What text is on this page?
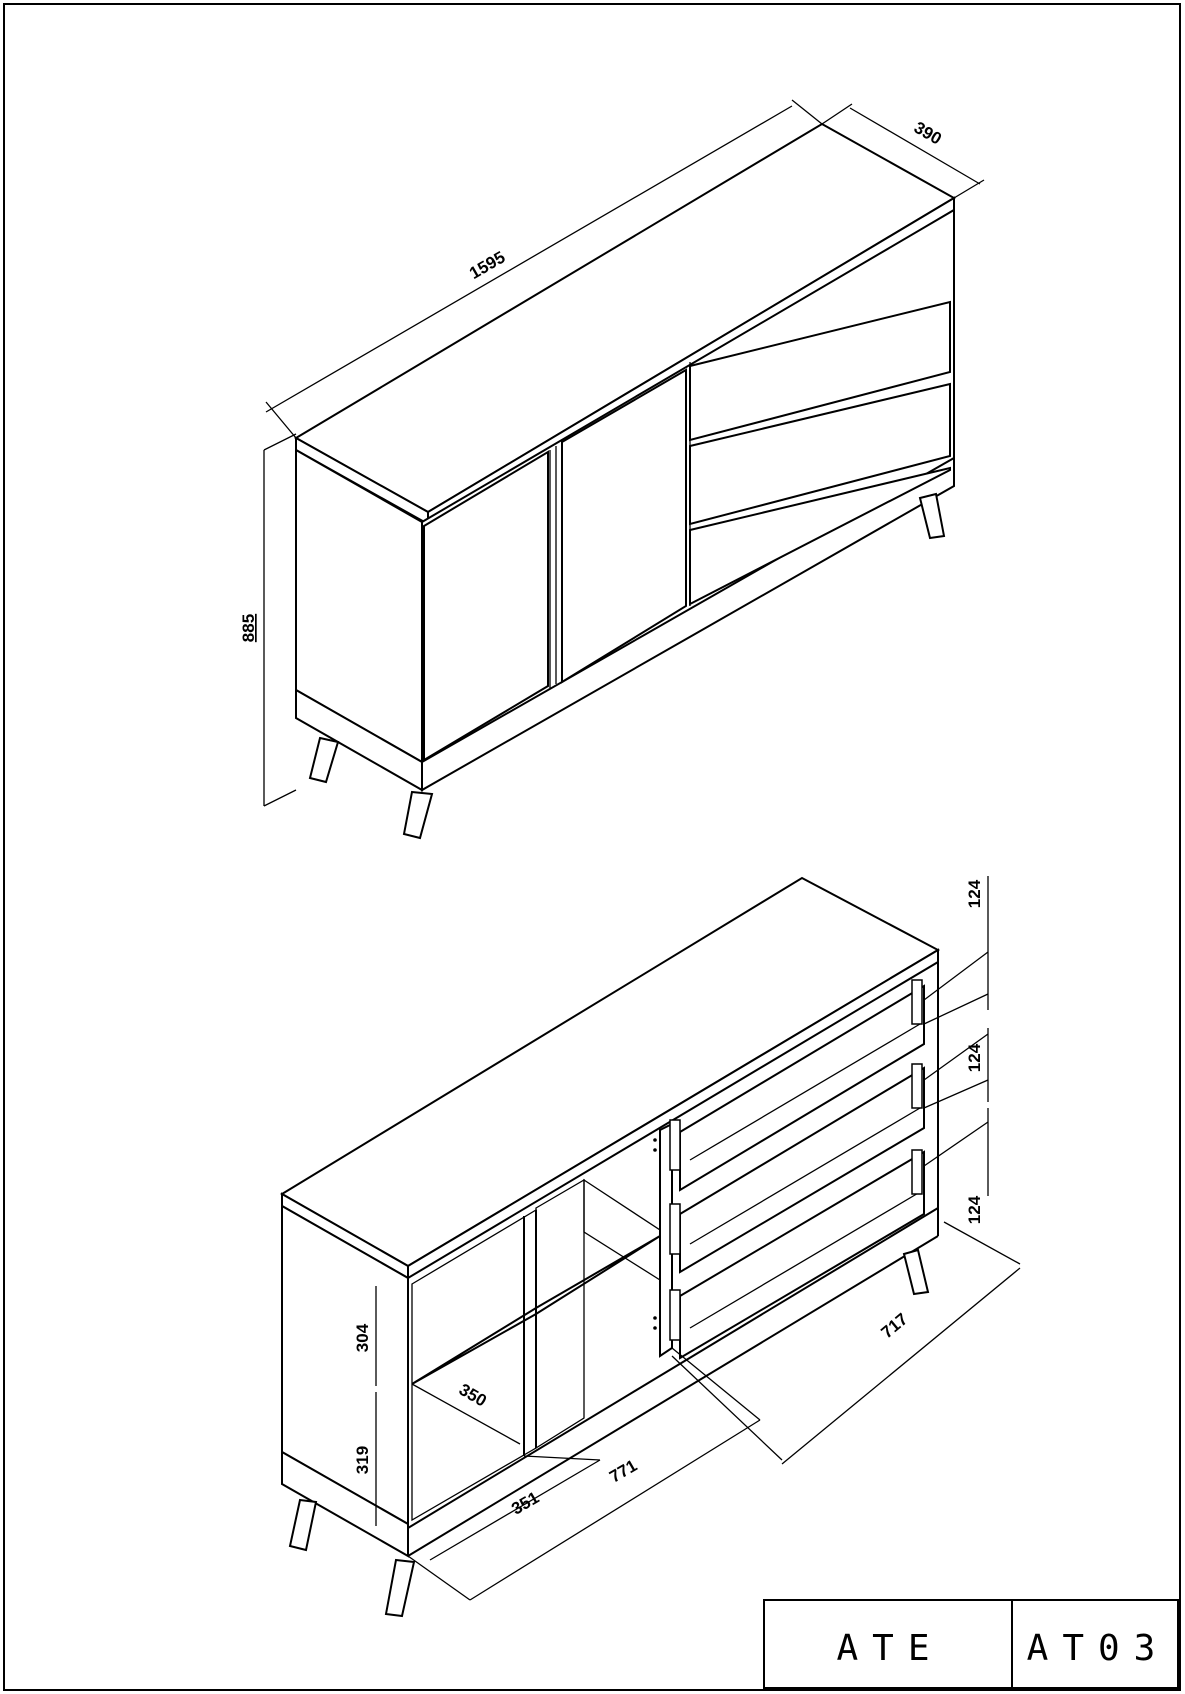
1595
390
885
124
124
124
717
304
319
350
351
771
ATE AT03
